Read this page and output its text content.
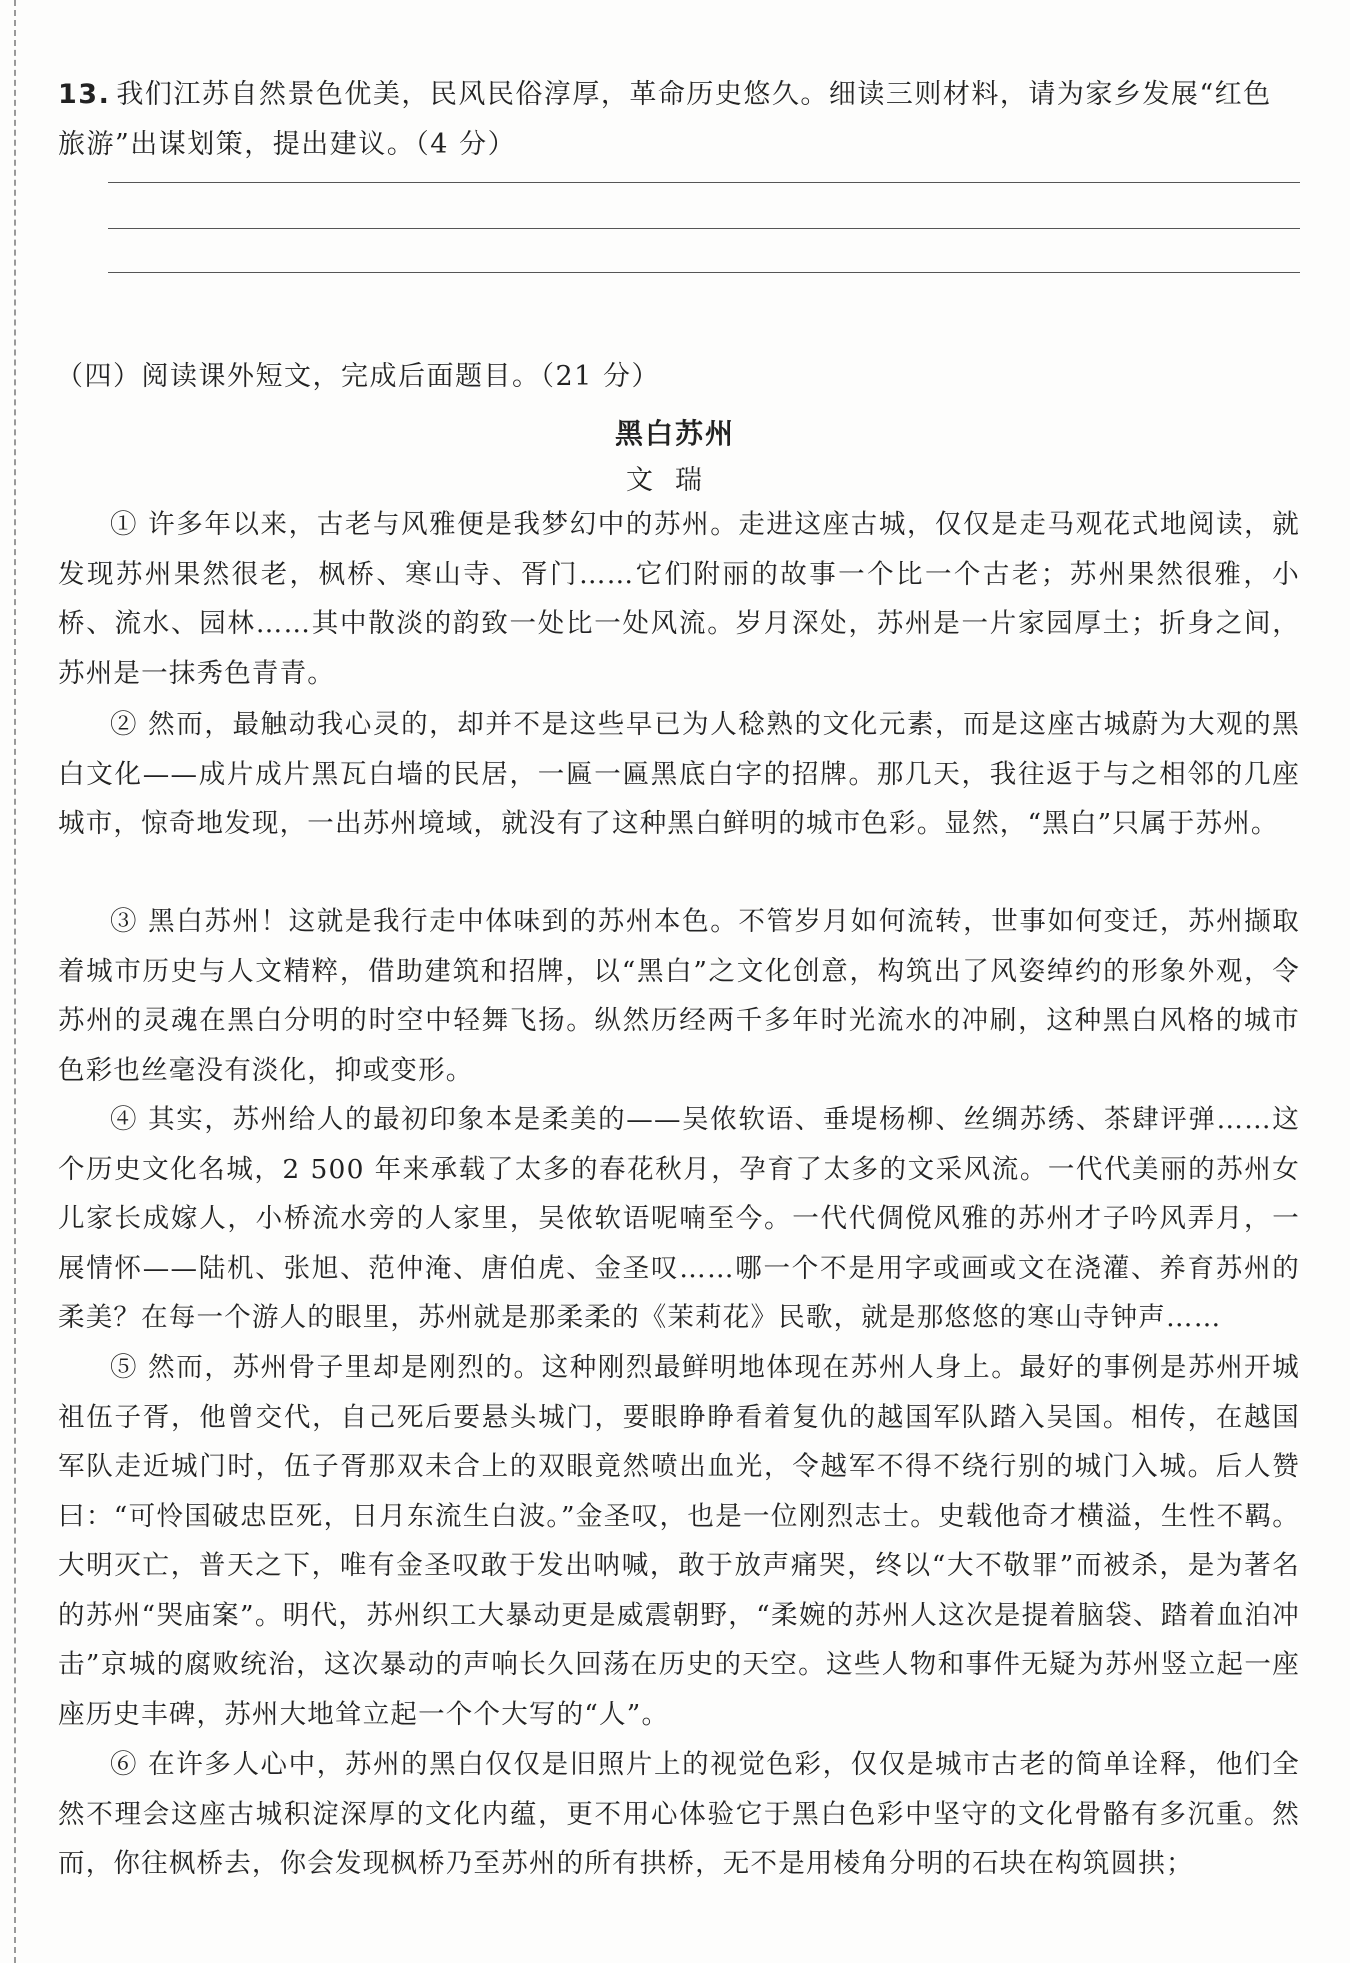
13. 我们江苏自然景色优美，民风民俗淳厚，革命历史悠久。细读三则材料，请为家乡发展“红色旅游”出谋划策，提出建议。（4 分）
（四）阅读课外短文，完成后面题目。（21 分）
黑白苏州
文瑞
① 许多年以来，古老与风雅便是我梦幻中的苏州。走进这座古城，仅仅是走马观花式地阅读，就发现苏州果然很老，枫桥、寒山寺、胥门……它们附丽的故事一个比一个古老；苏州果然很雅，小桥、流水、园林……其中散淡的韵致一处比一处风流。岁月深处，苏州是一片家园厚土；折身之间，苏州是一抹秀色青青。
② 然而，最触动我心灵的，却并不是这些早已为人稔熟的文化元素，而是这座古城蔚为大观的黑白文化——成片成片黑瓦白墙的民居，一匾一匾黑底白字的招牌。那几天，我往返于与之相邻的几座城市，惊奇地发现，一出苏州境域，就没有了这种黑白鲜明的城市色彩。显然，“黑白”只属于苏州。
③ 黑白苏州！这就是我行走中体味到的苏州本色。不管岁月如何流转，世事如何变迁，苏州撷取着城市历史与人文精粹，借助建筑和招牌，以“黑白”之文化创意，构筑出了风姿绰约的形象外观，令苏州的灵魂在黑白分明的时空中轻舞飞扬。纵然历经两千多年时光流水的冲刷，这种黑白风格的城市色彩也丝毫没有淡化，抑或变形。
④ 其实，苏州给人的最初印象本是柔美的——吴侬软语、垂堤杨柳、丝绸苏绣、茶肆评弹……这个历史文化名城，2 500 年来承载了太多的春花秋月，孕育了太多的文采风流。一代代美丽的苏州女儿家长成嫁人，小桥流水旁的人家里，吴侬软语呢喃至今。一代代倜傥风雅的苏州才子吟风弄月，一展情怀——陆机、张旭、范仲淹、唐伯虎、金圣叹……哪一个不是用字或画或文在浇灌、养育苏州的柔美？在每一个游人的眼里，苏州就是那柔柔的《茉莉花》民歌，就是那悠悠的寒山寺钟声……
⑤ 然而，苏州骨子里却是刚烈的。这种刚烈最鲜明地体现在苏州人身上。最好的事例是苏州开城祖伍子胥，他曾交代，自己死后要悬头城门，要眼睁睁看着复仇的越国军队踏入吴国。相传，在越国军队走近城门时，伍子胥那双未合上的双眼竟然喷出血光，令越军不得不绕行别的城门入城。后人赞曰：“可怜国破忠臣死，日月东流生白波。”金圣叹，也是一位刚烈志士。史载他奇才横溢，生性不羁。大明灭亡，普天之下，唯有金圣叹敢于发出呐喊，敢于放声痛哭，终以“大不敬罪”而被杀，是为著名的苏州“哭庙案”。明代，苏州织工大暴动更是威震朝野，“柔婉的苏州人这次是提着脑袋、踏着血泊冲击”京城的腐败统治，这次暴动的声响长久回荡在历史的天空。这些人物和事件无疑为苏州竖立起一座座历史丰碑，苏州大地耸立起一个个大写的“人”。
⑥ 在许多人心中，苏州的黑白仅仅是旧照片上的视觉色彩，仅仅是城市古老的简单诠释，他们全然不理会这座古城积淀深厚的文化内蕴，更不用心体验它于黑白色彩中坚守的文化骨骼有多沉重。然而，你往枫桥去，你会发现枫桥乃至苏州的所有拱桥，无不是用棱角分明的石块在构筑圆拱；
